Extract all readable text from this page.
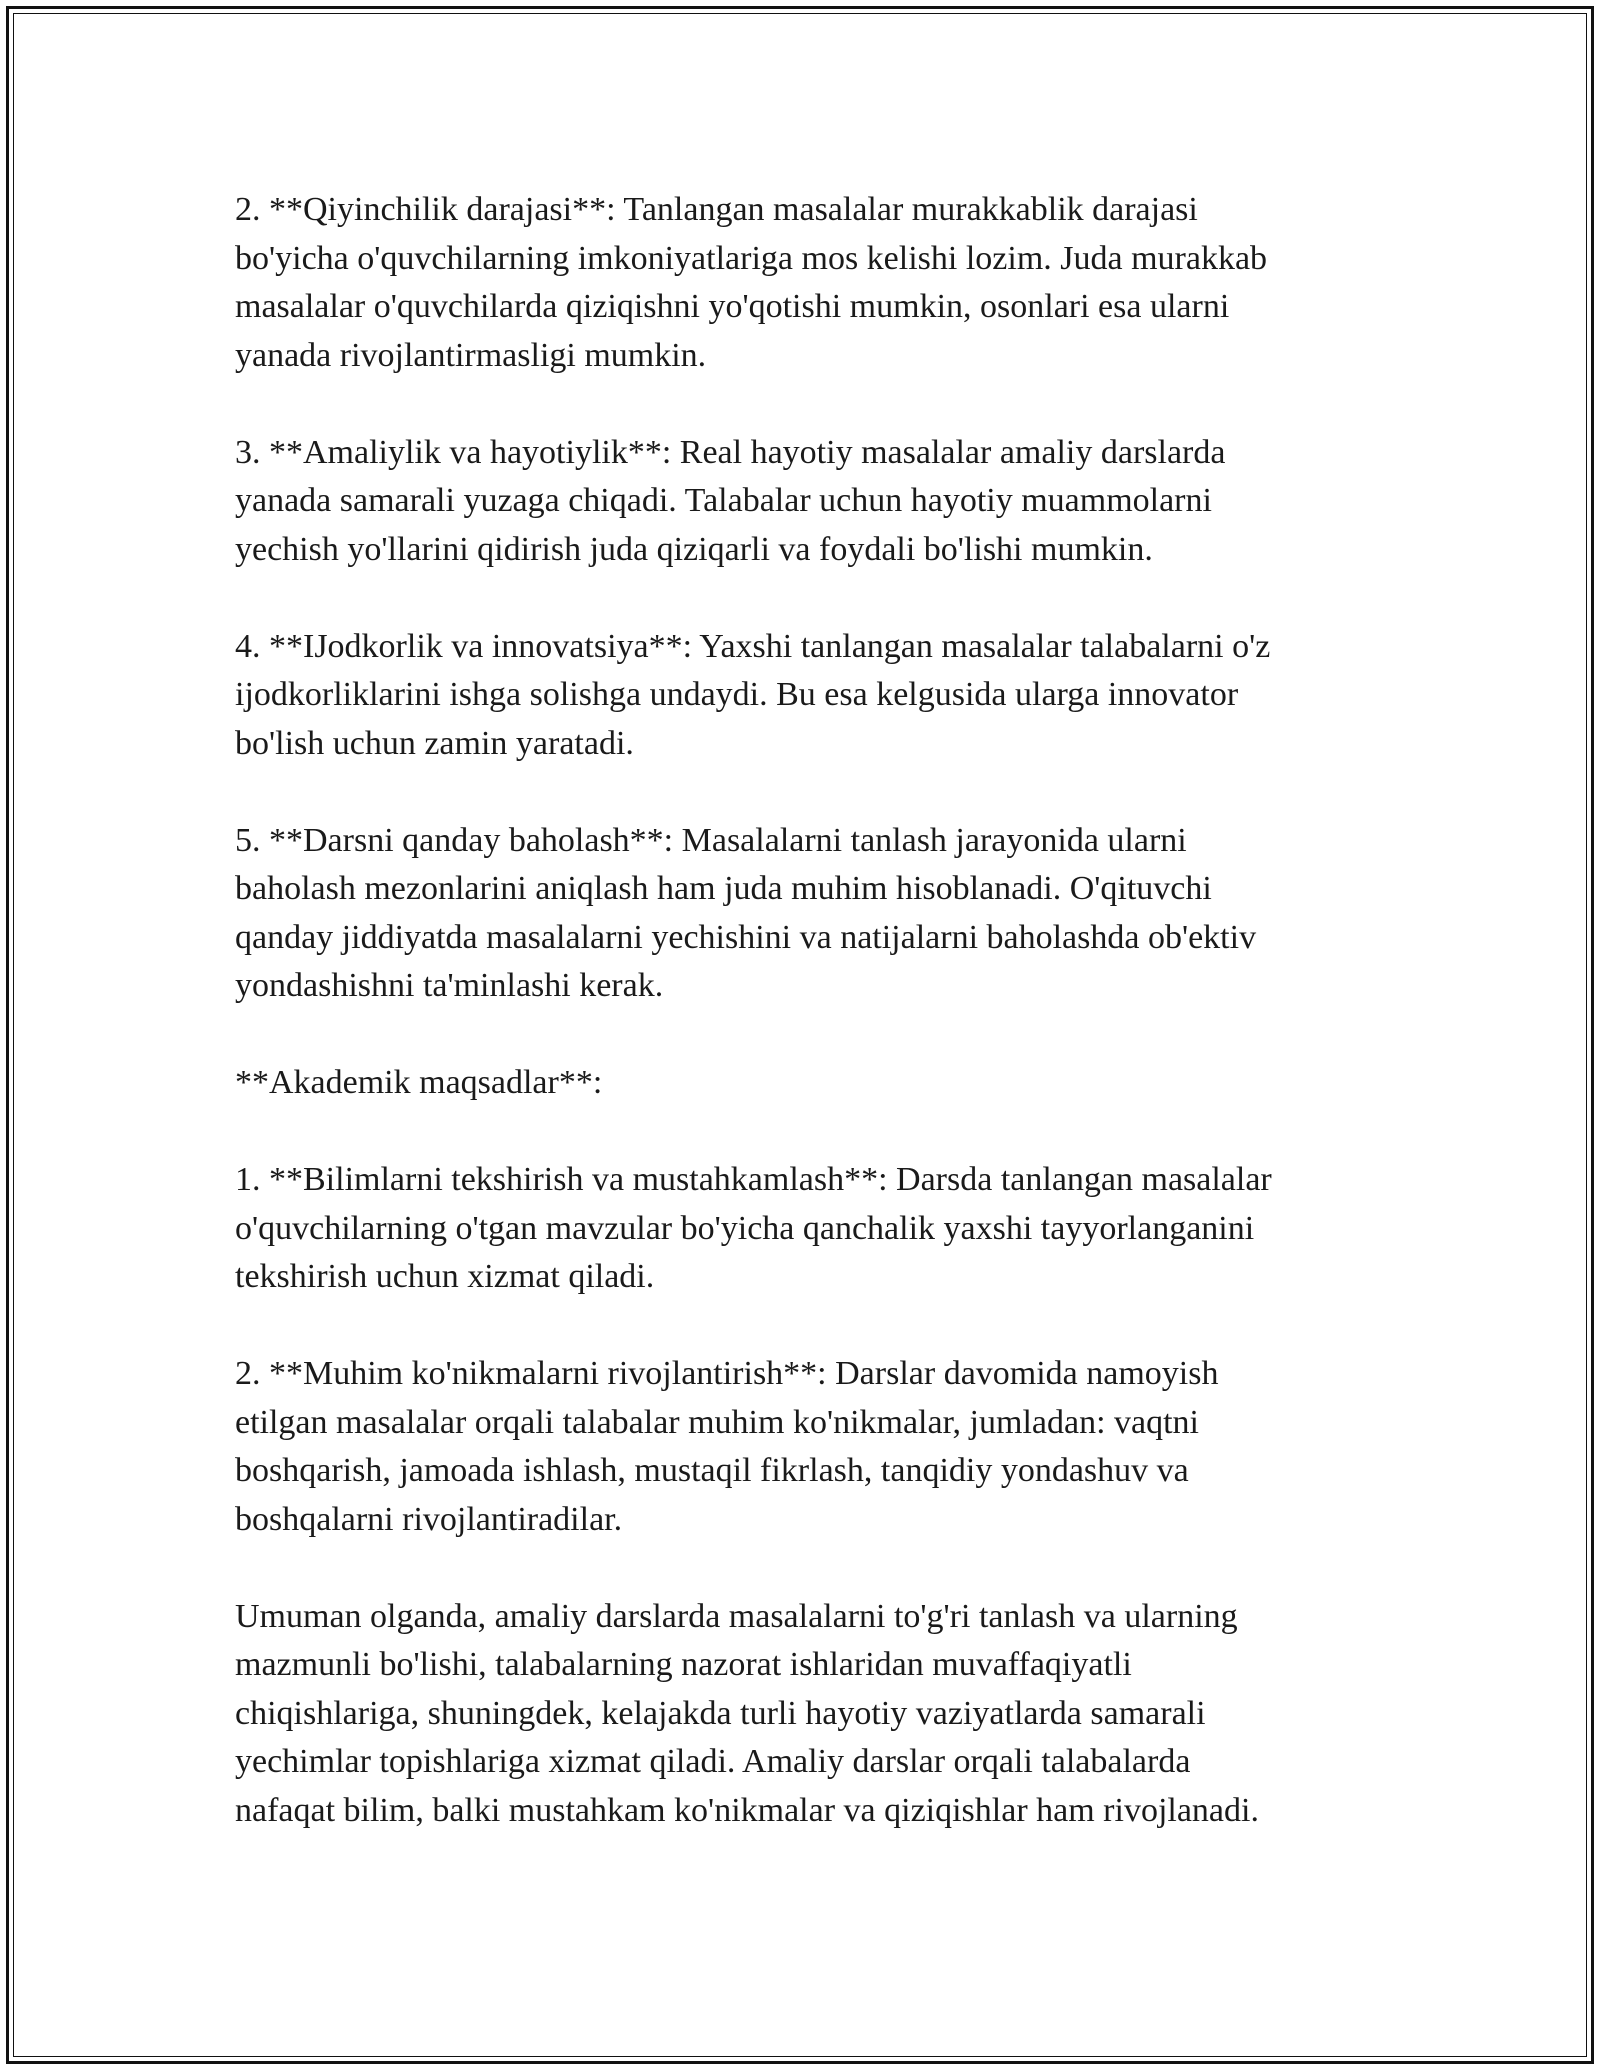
2. **Qiyinchilik darajasi**: Tanlangan masalalar murakkablik darajasi
bo'yicha o'quvchilarning imkoniyatlariga mos kelishi lozim. Juda murakkab
masalalar o'quvchilarda qiziqishni yo'qotishi mumkin, osonlari esa ularni
yanada rivojlantirmasligi mumkin.

3. **Amaliylik va hayotiylik**: Real hayotiy masalalar amaliy darslarda
yanada samarali yuzaga chiqadi. Talabalar uchun hayotiy muammolarni
yechish yo'llarini qidirish juda qiziqarli va foydali bo'lishi mumkin.

4. **IJodkorlik va innovatsiya**: Yaxshi tanlangan masalalar talabalarni o'z
ijodkorliklarini ishga solishga undaydi. Bu esa kelgusida ularga innovator
bo'lish uchun zamin yaratadi.

5. **Darsni qanday baholash**: Masalalarni tanlash jarayonida ularni
baholash mezonlarini aniqlash ham juda muhim hisoblanadi. O'qituvchi
qanday jiddiyatda masalalarni yechishini va natijalarni baholashda ob'ektiv
yondashishni ta'minlashi kerak.

**Akademik maqsadlar**:

1. **Bilimlarni tekshirish va mustahkamlash**: Darsda tanlangan masalalar
o'quvchilarning o'tgan mavzular bo'yicha qanchalik yaxshi tayyorlanganini
tekshirish uchun xizmat qiladi.

2. **Muhim ko'nikmalarni rivojlantirish**: Darslar davomida namoyish
etilgan masalalar orqali talabalar muhim ko'nikmalar, jumladan: vaqtni
boshqarish, jamoada ishlash, mustaqil fikrlash, tanqidiy yondashuv va
boshqalarni rivojlantiradilar.

Umuman olganda, amaliy darslarda masalalarni to'g'ri tanlash va ularning
mazmunli bo'lishi, talabalarning nazorat ishlaridan muvaffaqiyatli
chiqishlariga, shuningdek, kelajakda turli hayotiy vaziyatlarda samarali
yechimlar topishlariga xizmat qiladi. Amaliy darslar orqali talabalarda
nafaqat bilim, balki mustahkam ko'nikmalar va qiziqishlar ham rivojlanadi.
